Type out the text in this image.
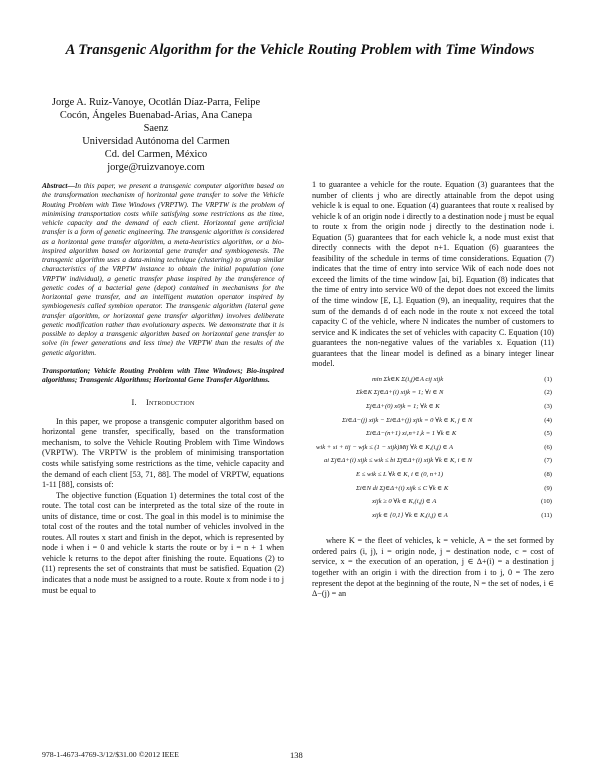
A Transgenic Algorithm for the Vehicle Routing Problem with Time Windows
Jorge A. Ruiz-Vanoye, Ocotlán Díaz-Parra, Felipe
Cocón, Ángeles Buenabad-Arias, Ana Canepa
Saenz
Universidad Autónoma del Carmen
Cd. del Carmen, México
jorge@ruizvanoye.com

Abstract—In this paper, we present a transgenic computer algorithm based on the transformation mechanism of horizontal gene transfer to solve the Vehicle Routing Problem with Time Windows (VRPTW). The VRPTW is the problem of minimising transportation costs while satisfying some restrictions as the time, vehicle capacity and the demand of each client. Horizontal gene artificial transfer is a form of genetic engineering. The transgenic algorithm is considered as a horizontal gene transfer algorithm, a meta-heuristics algorithm, or a bio-inspired algorithm based on horizontal gene transfer and symbiogenesis. The transgenic algorithm uses a data-mining technique (clustering) to group similar characteristics of the VRPTW instance to obtain the initial population (one VRPTW individual), a genetic transfer phase inspired by the transference of genetic codes of a bacterial gene (depot) contained in mechanisms for the horizontal gene transfer, and an intelligent mutation operator inspired by symbiogenesis called symbion operator. The transgenic algorithm (lateral gene transfer algorithm, or horizontal gene transfer algorithm) involves deliberate genetic modification rather than evolutionary aspects. We demonstrate that it is possible to deploy a transgenic algorithm based on horizontal gene transfer to solve (in fewer generations and less time) the VRPTW than the results of the genetic algorithm.

Transportation; Vehicle Routing Problem with Time Windows; Bio-inspired algorithms; Transgenic Algorithms; Horizontal Gene Transfer Algorithms.

I. Introduction

In this paper, we propose a transgenic computer algorithm based on horizontal gene transfer, specifically, based on the transformation mechanism, to solve the Vehicle Routing Problem with Time Windows (VRPTW). The VRPTW is the problem of minimising transportation costs while satisfying some restrictions as the time, vehicle capacity and the demand of each client [53, 71, 88]. The model of VRPTW, equations 1-11 [88], consists of:

The objective function (Equation 1) determines the total cost of the route. The total cost can be interpreted as the total size of the route in units of distance, time or cost. The goal in this model is to minimise the total cost of the routes and the total number of vehicles involved in the routes. All routes x start and finish in the depot, which is represented by node i when i = 0 and vehicle k starts the route or by i = n + 1 when vehicle k returns to the depot after finishing the route. Equations (2) to (11) represents the set of constraints that must be satisfied. Equation (2) indicates that a node must be assigned to a route. Route x from node i to j must be equal to

1 to guarantee a vehicle for the route. Equation (3) guarantees that the number of clients j who are directly attainable from the depot using vehicle k is equal to one. Equation (4) guarantees that route x realised by vehicle k of an origin node i directly to a destination node j must be equal to route x from the origin node j directly to the destination node i. Equation (5) guarantees that for each vehicle k, a node must exist that directly connects with the depot n+1. Equation (6) guarantees the feasibility of the schedule in terms of time considerations. Equation (7) indicates that the time of entry into service Wik of each node does not exceed the limits of the time window [ai, bi]. Equation (8) indicates that the time of entry into service W0 of the depot does not exceed the limits of the time window [E, L]. Equation (9), an inequality, requires that the sum of the demands d of each node in the route x not exceed the total capacity C of the vehicle, where N indicates the number of customers to service and K indicates the set of vehicles with capacity C. Equation (10) guarantees the non-negative values of the variables x. Equation (11) guarantees that the linear model is defined as a binary integer linear model.

min Σk∈K Σ(i,j)∈A cij xijk	(1)
Σk∈K Σj∈Δ+(i) xijk = 1; ∀i ∈ N	(2)
Σj∈Δ+(0) x0jk = 1; ∀k ∈ K	(3)
Σi∈Δ−(j) xijk − Σi∈Δ+(j) xjik = 0 ∀k ∈ K, j ∈ N	(4)
Σi∈Δ−(n+1) xi,n+1,k = 1 ∀k ∈ K	(5)
wik + si + tij − wjk ≤ (1 − xijk)Mij ∀k ∈ K,(i,j) ∈ A	(6)
ai Σj∈Δ+(i) xijk ≤ wik ≤ bi Σj∈Δ+(i) xijk ∀k ∈ K, i ∈ N	(7)
E ≤ wik ≤ L ∀k ∈ K, i ∈ (0, n+1)	(8)
Σi∈N di Σj∈Δ+(i) xijk ≤ C ∀k ∈ K	(9)
xijk ≥ 0 ∀k ∈ K,(i,j) ∈ A	(10)
xijk ∈ {0,1} ∀k ∈ K,(i,j) ∈ A	(11)

where K = the fleet of vehicles, k = vehicle, A = the set formed by ordered pairs (i, j), i = origin node, j = destination node, c = cost of service, x = the execution of an operation, j ∈ Δ+(i) = a destination j together with an origin i with the direction from i to j, 0 = The zero represent the depot at the beginning of the route, N = the set of nodes, i ∈ Δ−(j) = an

978-1-4673-4769-3/12/$31.00 ©2012 IEEE	138
